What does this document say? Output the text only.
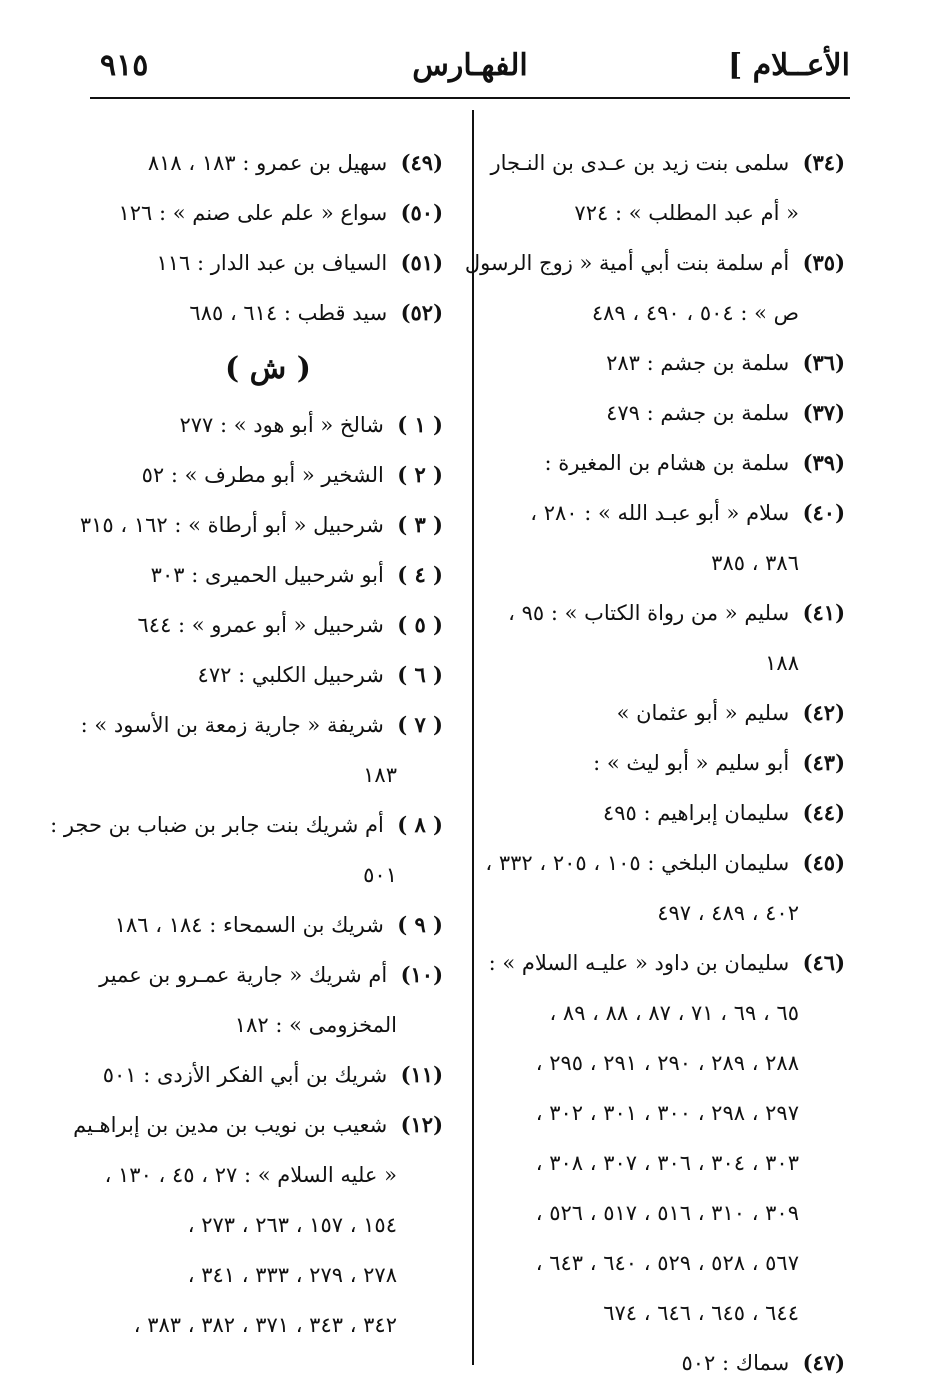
الأعــلام ]
الفهـارس
٩١٥
(٣٤)  سلمى بنت زيد بن عـدى بن النـجار
« أم عبد المطلب » : ٧٢٤
(٣٥)  أم سلمة بنت أبي أمية « زوج الرسول
ص » : ٥٠٤ ، ٤٩٠ ، ٤٨٩
(٣٦)  سلمة بن جشم : ٢٨٣
(٣٧)  سلمة بن جشم : ٤٧٩
(٣٩)  سلمة بن هشام بن المغيرة :
(٤٠)  سلام « أبو عبـد الله » : ٢٨٠ ،
٣٨٦ ، ٣٨٥
(٤١)  سليم « من رواة الكتاب » : ٩٥ ،
١٨٨
(٤٢)  سليم « أبو عثمان »
(٤٣)  أبو سليم « أبو ليث » :
(٤٤)  سليمان إبراهيم : ٤٩٥
(٤٥)  سليمان البلخي : ١٠٥ ، ٢٠٥ ، ٣٣٢ ،
٤٠٢ ، ٤٨٩ ، ٤٩٧
(٤٦)  سليمان بن داود « عليـه السلام » :
٦٥ ، ٦٩ ، ٧١ ، ٨٧ ، ٨٨ ، ٨٩ ،
٢٨٨ ، ٢٨٩ ، ٢٩٠ ، ٢٩١ ، ٢٩٥ ،
٢٩٧ ، ٢٩٨ ، ٣٠٠ ، ٣٠١ ، ٣٠٢ ،
٣٠٣ ، ٣٠٤ ، ٣٠٦ ، ٣٠٧ ، ٣٠٨ ،
٣٠٩ ، ٣١٠ ، ٥١٦ ، ٥١٧ ، ٥٢٦ ،
٥٦٧ ، ٥٢٨ ، ٥٢٩ ، ٦٤٠ ، ٦٤٣ ،
٦٤٤ ، ٦٤٥ ، ٦٤٦ ، ٦٧٤
(٤٧)  سماك : ٥٠٢
(٤٩)  سهيل بن عمرو : ١٨٣ ، ٨١٨
(٥٠)  سواع « علم على صنم » : ١٢٦
(٥١)  السياف بن عبد الدار : ١١٦
(٥٢)  سيد قطب : ٦١٤ ، ٦٨٥
( ش )
( ١ )  شالخ « أبو هود » : ٢٧٧
( ٢ )  الشخير « أبو مطرف » : ٥٢
( ٣ )  شرحبيل « أبو أرطاة » : ١٦٢ ، ٣١٥
( ٤ )  أبو شرحبيل الحميرى : ٣٠٣
( ٥ )  شرحبيل « أبو عمرو » : ٦٤٤
( ٦ )  شرحبيل الكلبي : ٤٧٢
( ٧ )  شريفة « جارية زمعة بن الأسود » :
١٨٣
( ٨ )  أم شريك بنت جابر بن ضباب بن حجر :
٥٠١
( ٩ )  شريك بن السمحاء : ١٨٤ ، ١٨٦
(١٠)  أم شريك « جارية عمـرو بن عمير
المخزومى » : ١٨٢
(١١)  شريك بن أبي الفكر الأزدى : ٥٠١
(١٢)  شعيب بن نويب بن مدين بن إبراهـيم
« عليه السلام » : ٢٧ ، ٤٥ ، ١٣٠ ،
١٥٤ ، ١٥٧ ، ٢٦٣ ، ٢٧٣ ،
٢٧٨ ، ٢٧٩ ، ٣٣٣ ، ٣٤١ ،
٣٤٢ ، ٣٤٣ ، ٣٧١ ، ٣٨٢ ، ٣٨٣ ،
